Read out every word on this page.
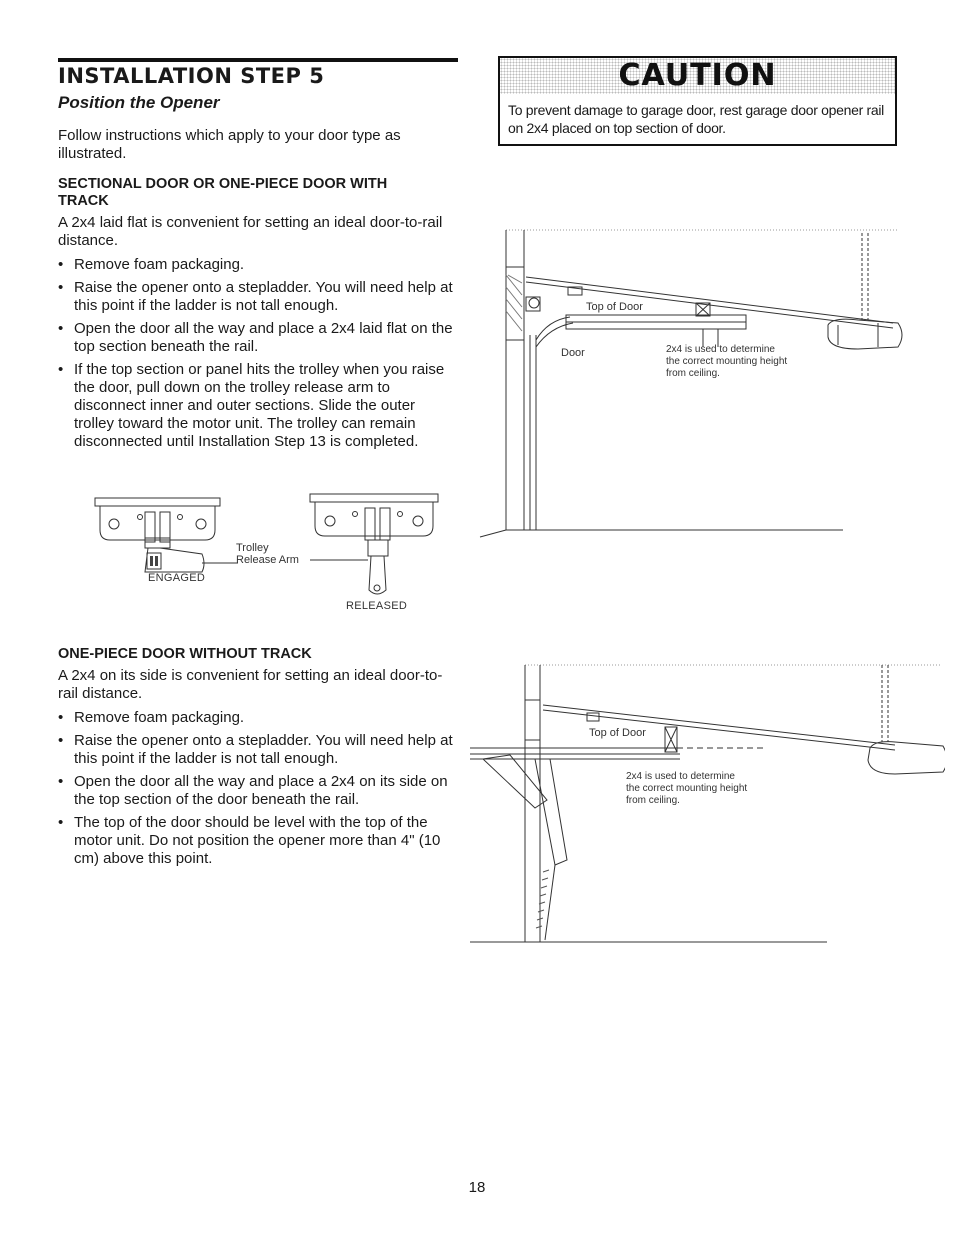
INSTALLATION STEP 5
Position the Opener

Follow instructions which apply to your door type as illustrated.

SECTIONAL DOOR OR ONE-PIECE DOOR WITH TRACK

A 2x4 laid flat is convenient for setting an ideal door-to-rail distance.

• Remove foam packaging.
• Raise the opener onto a stepladder. You will need help at this point if the ladder is not tall enough.
• Open the door all the way and place a 2x4 laid flat on the top section beneath the rail.
• If the top section or panel hits the trolley when you raise the door, pull down on the trolley release arm to disconnect inner and outer sections. Slide the outer trolley toward the motor unit. The trolley can remain disconnected until Installation Step 13 is completed.
CAUTION
To prevent damage to garage door, rest garage door opener rail on 2x4 placed on top section of door.
ENGAGED
RELEASED
Trolley
Release Arm
Top of Door
Door	2x4 is used to determine
the correct mounting height
from ceiling.

ONE-PIECE DOOR WITHOUT TRACK

A 2x4 on its side is convenient for setting an ideal door-to-rail distance.

• Remove foam packaging.
• Raise the opener onto a stepladder. You will need help at this point if the ladder is not tall enough.
• Open the door all the way and place a 2x4 on its side on the top section of the door beneath the rail.
• The top of the door should be level with the top of the motor unit. Do not position the opener more than 4" (10 cm) above this point.
Top of Door
2x4 is used to determine
the correct mounting height
from ceiling.
18
